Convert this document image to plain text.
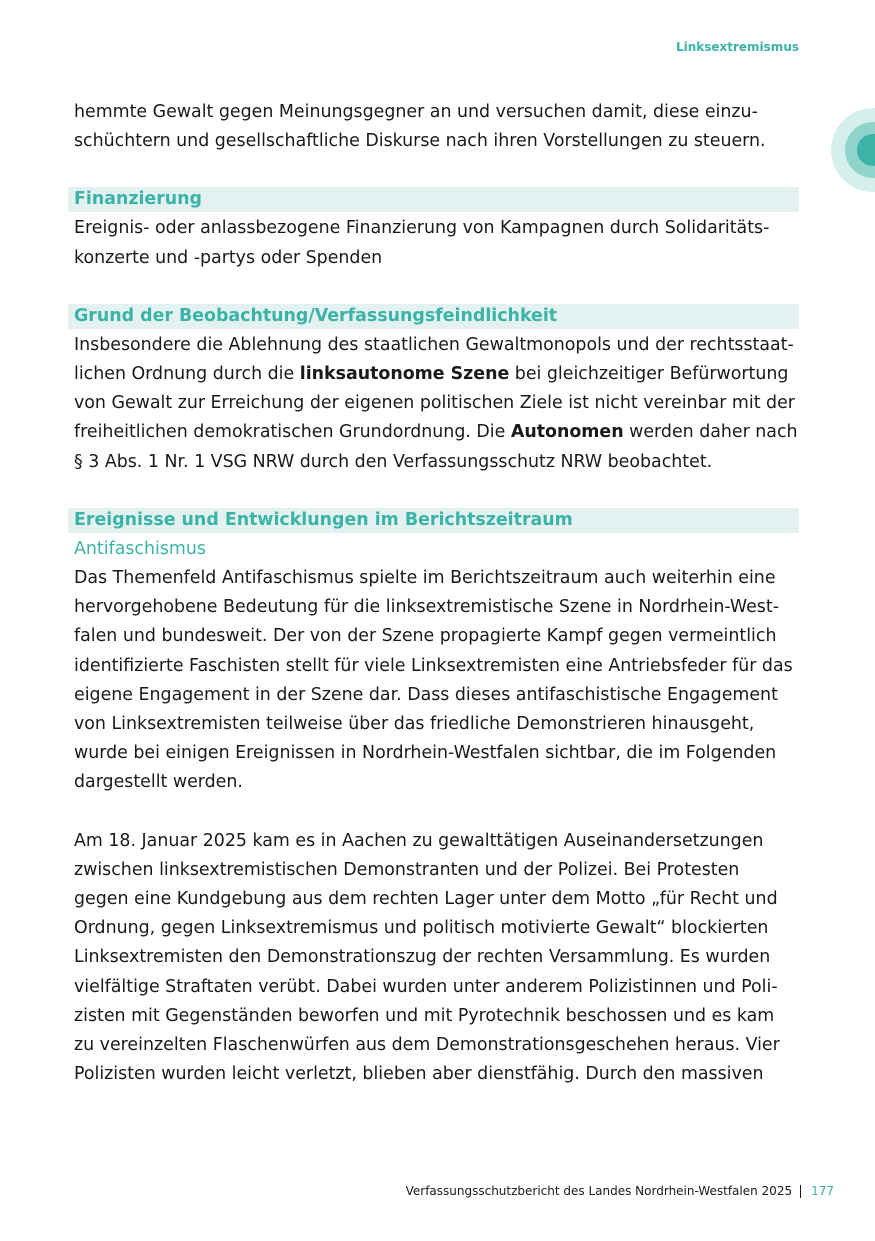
Linksextremismus

hemmte Gewalt gegen Meinungsgegner an und versuchen damit, diese einzu-

schüchtern und gesellschaftliche Diskurse nach ihren Vorstellungen zu steuern.

Finanzierung

Ereignis- oder anlassbezogene Finanzierung von Kampagnen durch Solidaritäts-

konzerte und -partys oder Spenden

Grund der Beobachtung/Verfassungsfeindlichkeit

Insbesondere die Ablehnung des staatlichen Gewaltmonopols und der rechtsstaat-

lichen Ordnung durch die linksautonome Szene bei gleichzeitiger Befürwortung

von Gewalt zur Erreichung der eigenen politischen Ziele ist nicht vereinbar mit der

freiheitlichen demokratischen Grundordnung. Die Autonomen werden daher nach

§ 3 Abs. 1 Nr. 1 VSG NRW durch den Verfassungsschutz NRW beobachtet.

Ereignisse und Entwicklungen im Berichtszeitraum
Antifaschismus

Das Themenfeld Antifaschismus spielte im Berichtszeitraum auch weiterhin eine

hervorgehobene Bedeutung für die linksextremistische Szene in Nordrhein-West-

falen und bundesweit. Der von der Szene propagierte Kampf gegen vermeintlich

identifizierte Faschisten stellt für viele Linksextremisten eine Antriebsfeder für das

eigene Engagement in der Szene dar. Dass dieses antifaschistische Engagement

von Linksextremisten teilweise über das friedliche Demonstrieren hinausgeht,

wurde bei einigen Ereignissen in Nordrhein-Westfalen sichtbar, die im Folgenden

dargestellt werden.

Am 18. Januar 2025 kam es in Aachen zu gewalttätigen Auseinandersetzungen

zwischen linksextremistischen Demonstranten und der Polizei. Bei Protesten

gegen eine Kundgebung aus dem rechten Lager unter dem Motto „für Recht und

Ordnung, gegen Linksextremismus und politisch motivierte Gewalt“ blockierten

Linksextremisten den Demonstrationszug der rechten Versammlung. Es wurden

vielfältige Straftaten verübt. Dabei wurden unter anderem Polizistinnen und Poli-

zisten mit Gegenständen beworfen und mit Pyrotechnik beschossen und es kam

zu vereinzelten Flaschenwürfen aus dem Demonstrationsgeschehen heraus. Vier

Polizisten wurden leicht verletzt, blieben aber dienstfähig. Durch den massiven

Verfassungsschutzbericht des Landes Nordrhein-Westfalen 2025 177
